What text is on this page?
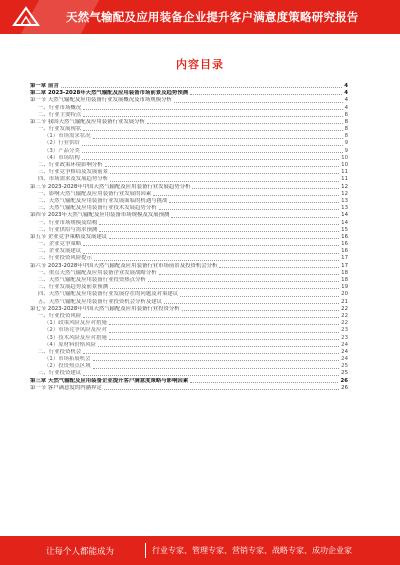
天然气输配及应用装备企业提升客户满意度策略研究报告
内容目录
第一章 前言	4
第二章 2023-2028年天然气输配及应用装备市场前景及趋势预测	4
第一节 天然气输配及应用装备行业发展概况及市场规模分析	4
一、行业市场概况	4
二、行业主要特点	6
第二节 我国天然气输配及应用装备行业发展分析	8
一、行业发展现状	8
（1）市场需求状况	8
（2）行业供给	9
（3）产品分类	9
（4）市场结构	10
二、行业政策环境影响分析	10
三、行业竞争格局及发展前景	11
四、市场需求及发展趋势分析	11
第三节 2023-2028年中国天然气输配及应用装备行业发展趋势分析	12
一、影响天然气输配及应用装备行业发展的因素	12
二、天然气输配及应用装备行业发展面临的机遇与挑战	13
三、天然气输配及应用装备行业技术发展趋势分析	13
第四节 2023年天然气输配及应用装备市场规模及发展预测	14
一、行业市场规模及结构	14
二、行业供给与需求预测	15
第五节 企业竞争策略及发展建议	16
一、企业竞争策略	16
二、企业发展建议	16
三、行业投资风险提示	17
第六节 2023-2028年中国天然气输配及应用装备行业市场前景及投资机会分析	17
一、重点天然气输配及应用装备企业发展战略分析	18
二、天然气输配及应用装备行业投资热点分析	18
三、行业发展趋势及前景预测	19
四、天然气输配及应用装备行业发展存在的问题及对策建议	20
五、天然气输配及应用装备行业投资机会分析及建议	21
第七节 2023-2028年中国天然气输配及应用装备行业投资分析	22
一、行业投资风险	22
（1）政策风险及应对措施	22
（2）市场竞争风险及应对	23
（3）技术风险及应对措施	23
（4）原材料价格风险	24
二、行业投资机会	24
（1）市场拓展机会	24
（2）投资热点区域	25
三、行业投资建议	25
第三章 天然气输配及应用装备企业提升客户满意度策略与影响因素	26
第一节 客户满意度的内涵界定	26
让每个人都能成为	行业专家、管理专家、营销专家、战略专家、成功企业家
